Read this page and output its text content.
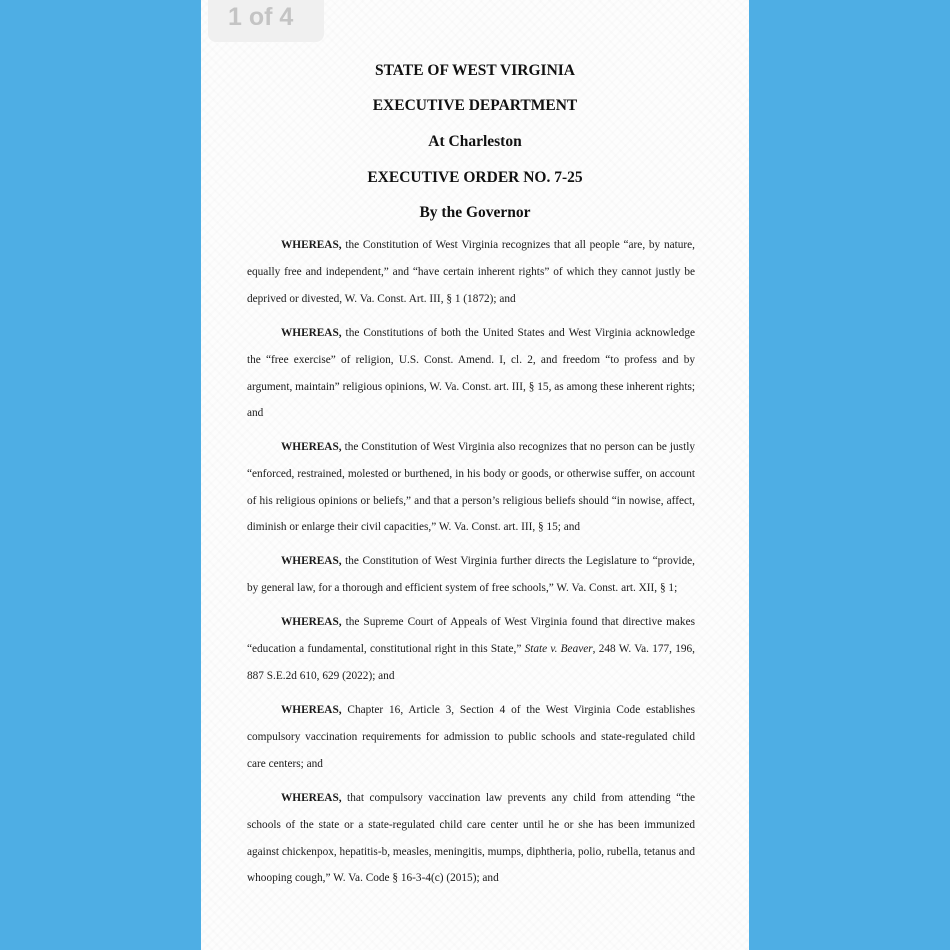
1 of 4
STATE OF WEST VIRGINIA
EXECUTIVE DEPARTMENT
At Charleston
EXECUTIVE ORDER NO. 7-25
By the Governor

WHEREAS, the Constitution of West Virginia recognizes that all people “are, by nature, equally free and independent,” and “have certain inherent rights” of which they cannot justly be deprived or divested, W. Va. Const. Art. III, § 1 (1872); and

WHEREAS, the Constitutions of both the United States and West Virginia acknowledge the “free exercise” of religion, U.S. Const. Amend. I, cl. 2, and freedom “to profess and by argument, maintain” religious opinions, W. Va. Const. art. III, § 15, as among these inherent rights; and

WHEREAS, the Constitution of West Virginia also recognizes that no person can be justly “enforced, restrained, molested or burthened, in his body or goods, or otherwise suffer, on account of his religious opinions or beliefs,” and that a person’s religious beliefs should “in nowise, affect, diminish or enlarge their civil capacities,” W. Va. Const. art. III, § 15; and

WHEREAS, the Constitution of West Virginia further directs the Legislature to “provide, by general law, for a thorough and efficient system of free schools,” W. Va. Const. art. XII, § 1;

WHEREAS, the Supreme Court of Appeals of West Virginia found that directive makes “education a fundamental, constitutional right in this State,” State v. Beaver, 248 W. Va. 177, 196, 887 S.E.2d 610, 629 (2022); and

WHEREAS, Chapter 16, Article 3, Section 4 of the West Virginia Code establishes compulsory vaccination requirements for admission to public schools and state-regulated child care centers; and

WHEREAS, that compulsory vaccination law prevents any child from attending “the schools of the state or a state-regulated child care center until he or she has been immunized against chickenpox, hepatitis-b, measles, meningitis, mumps, diphtheria, polio, rubella, tetanus and whooping cough,” W. Va. Code § 16-3-4(c) (2015); and
